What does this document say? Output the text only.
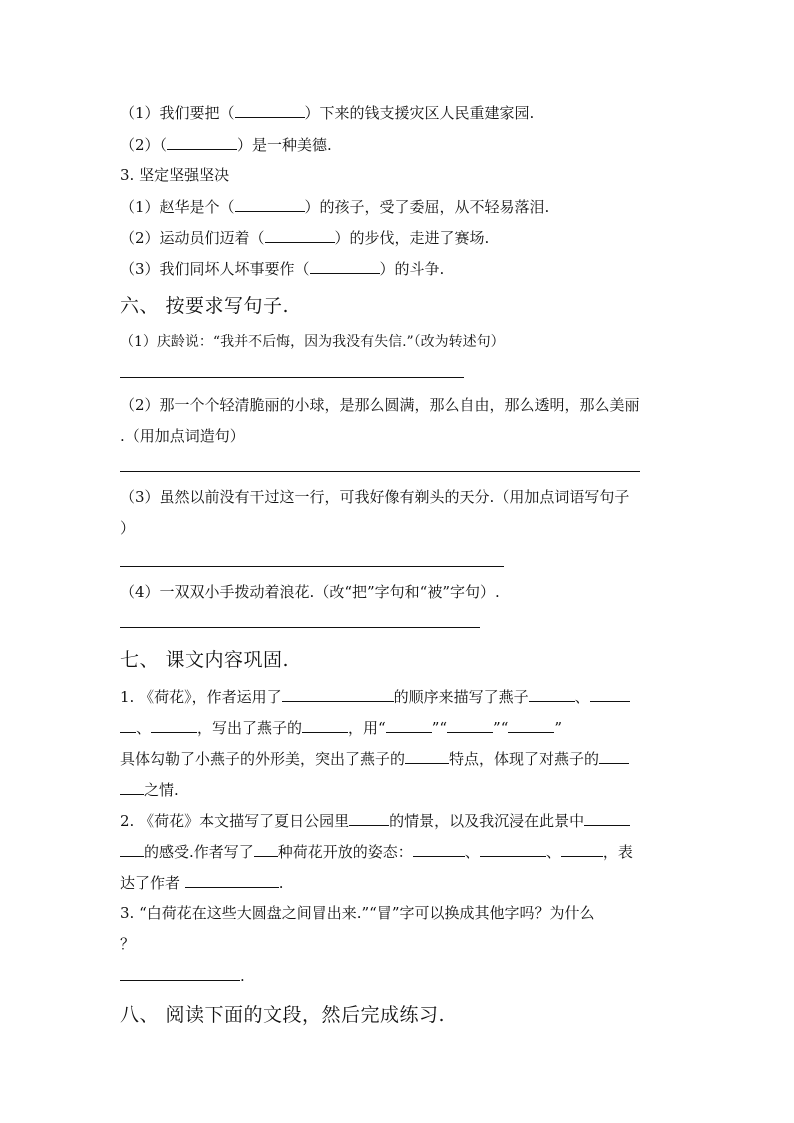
（1）我们要把（	）下来的钱支援灾区人民重建家园.
（2）（	）是一种美德.
3. 坚定坚强坚决
（1）赵华是个（	）的孩子，受了委屈，从不轻易落泪.
（2）运动员们迈着（	）的步伐，走进了赛场.
（3）我们同坏人坏事要作（	）的斗争.
六、 按要求写句子.
（1）庆龄说：“我并不后悔，因为我没有失信.”（改为转述句）
（2）那一个个轻清脆丽的小球，是那么圆满，那么自由，那么透明，那么美丽
.（用加点词造句）
（3）虽然以前没有干过这一行，可我好像有剃头的天分.（用加点词语写句子
）
（4）一双双小手拨动着浪花.（改“把”字句和“被”字句）.
七、 课文内容巩固.
1. 《荷花》，作者运用了	的顺序来描写了燕子	、
、	，写出了燕子的	，用“	”“	”“	”
具体勾勒了小燕子的外形美，突出了燕子的	特点，体现了对燕子的
之情.
2. 《荷花》本文描写了夏日公园里	的情景，以及我沉浸在此景中
的感受.作者写了 种荷花开放的姿态：	、	、	，表
达了作者	.
3. “白荷花在这些大圆盘之间冒出来.”“冒”字可以换成其他字吗？为什么
？
.
八、 阅读下面的文段，然后完成练习.
